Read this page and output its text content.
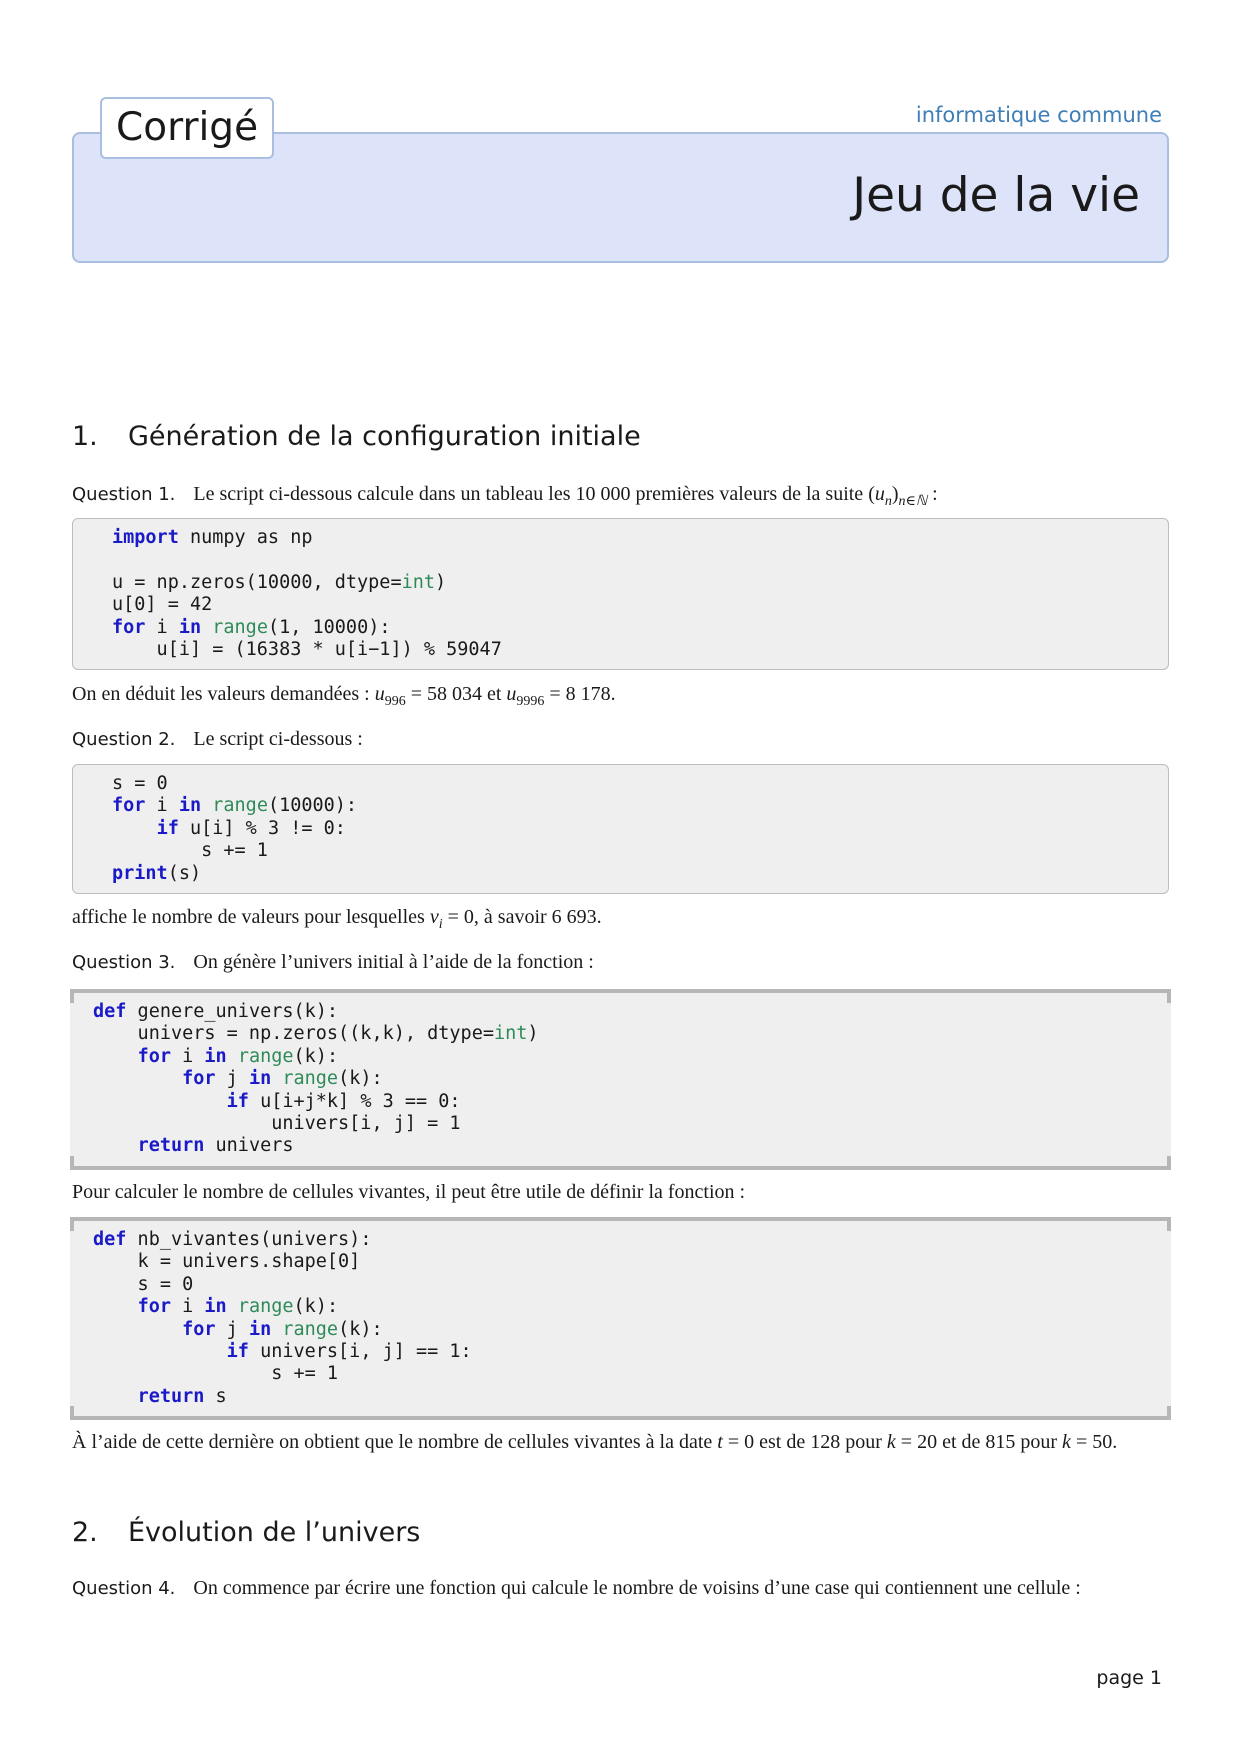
informatique commune
Corrigé
Jeu de la vie
1. Génération de la configuration initiale
Question 1. Le script ci-dessous calcule dans un tableau les 10 000 premières valeurs de la suite $(u_n)_{n\in ℕ}$ :
import numpy as np

u = np.zeros(10000, dtype=int)
u[0] = 42
for i in range(1, 10000):
u[i] = (16383 * u[i−1]) % 59047
On en déduit les valeurs demandées : $u_{996} = 58$ 034 et $u_{9996} = 8$ 178.
Question 2. Le script ci-dessous :
s = 0
for i in range(10000):
if u[i] % 3 != 0:
s += 1
print(s)
affiche le nombre de valeurs pour lesquelles $v_i = 0$, à savoir 6 693.
Question 3. On génère l’univers initial à l’aide de la fonction :
def genere_univers(k):
univers = np.zeros((k,k), dtype=int)
for i in range(k):
for j in range(k):
if u[i+j*k] % 3 == 0:
univers[i, j] = 1
return univers
Pour calculer le nombre de cellules vivantes, il peut être utile de définir la fonction :
def nb_vivantes(univers):
k = univers.shape[0]
s = 0
for i in range(k):
for j in range(k):
if univers[i, j] == 1:
s += 1
return s
À l’aide de cette dernière on obtient que le nombre de cellules vivantes à la date t = 0 est de 128 pour k = 20 et de 815 pour k = 50.
2. Évolution de l’univers
Question 4. On commence par écrire une fonction qui calcule le nombre de voisins d’une case qui contiennent une cellule :
page 1
